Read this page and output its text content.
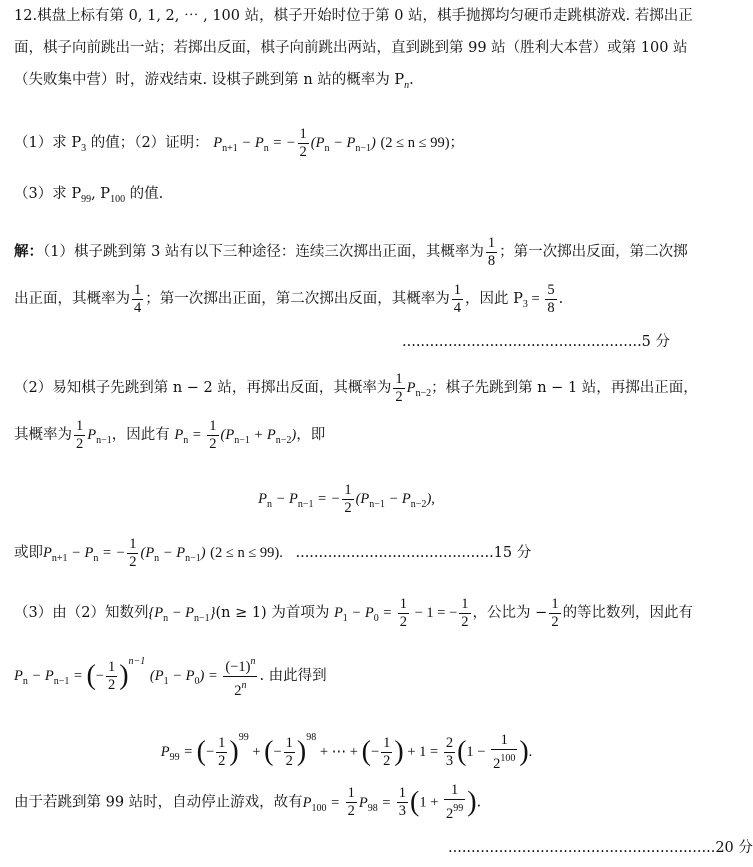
12.棋盘上标有第 0, 1, 2, ⋯ , 100 站，棋子开始时位于第 0 站，棋手抛掷均匀硬币走跳棋游戏. 若掷出正
面，棋子向前跳出一站；若掷出反面，棋子向前跳出两站，直到跳到第 99 站（胜利大本营）或第 100 站
（失败集中营）时，游戏结束. 设棋子跳到第 n 站的概率为 $P_n$.
（1）求 $P_3$ 的值；（2）证明： $P_{n+1} - P_n$ = − $\frac{1}{2} (P_n - P_{n-1}) (2 \le n \le 99)$；
（3）求 $P_{99}$, $P_{100}$ 的值.
解：（1）棋子跳到第 3 站有以下三种途径：连续三次掷出正面，其概率为 $\frac{1}{8}$ ；第一次掷出反面，第二次掷
出正面，其概率为 $\frac{1}{4}$ ；第一次掷出正面，第二次掷出反面，其概率为 $\frac{1}{4}$ ，因此 $P_3 = \frac{5}{8}$ .
....................................................5 分
（2）易知棋子先跳到第 n − 2 站，再掷出反面，其概率为 $\frac{1}{2} P_{n-2}$；棋子先跳到第 n − 1 站，再掷出正面，
其概率为 $\frac{1}{2} P_{n-1}$，因此有 $P_n = \frac{1}{2} (P_{n-1} + P_{n-2})$，即
$P_n - P_{n-1}$ = − $\frac{1}{2} (P_{n-1} - P_{n-2})$,
或即$P_{n+1} - P_n$ = − $\frac{1}{2} (P_n - P_{n-1}) (2 \le n \le 99)$. ...........................................15 分
（3）由（2）知数列$\{P_n - P_{n-1}\}(n \ge 1)$ 为首项为 $P_1 - P_0 = \frac{1}{2} - 1$ = − $\frac{1}{2}$ ，公比为 − $\frac{1}{2}$ 的等比数列，因此有
$P_n - P_{n-1}$ = (− $\frac{1}{2} )^{n-1}$ $(P_1 - P_0) = \frac{(-1)^n}{2^n}$ . 由此得到
$P_{99}$ = (− $\frac{1}{2} )^{99}$ + (− $\frac{1}{2} )^{98}$ + ⋯ + (− $\frac{1}{2}$ ) + $1 = \frac{2}{3} (1 - \frac{1}{2^{100}}$ ).
由于若跳到第 99 站时，自动停止游戏，故有$P_{100} = \frac{1}{2} P_{98} = \frac{1}{3} (1 + \frac{1}{2^{99}}$ ).
..........................................................20 分
